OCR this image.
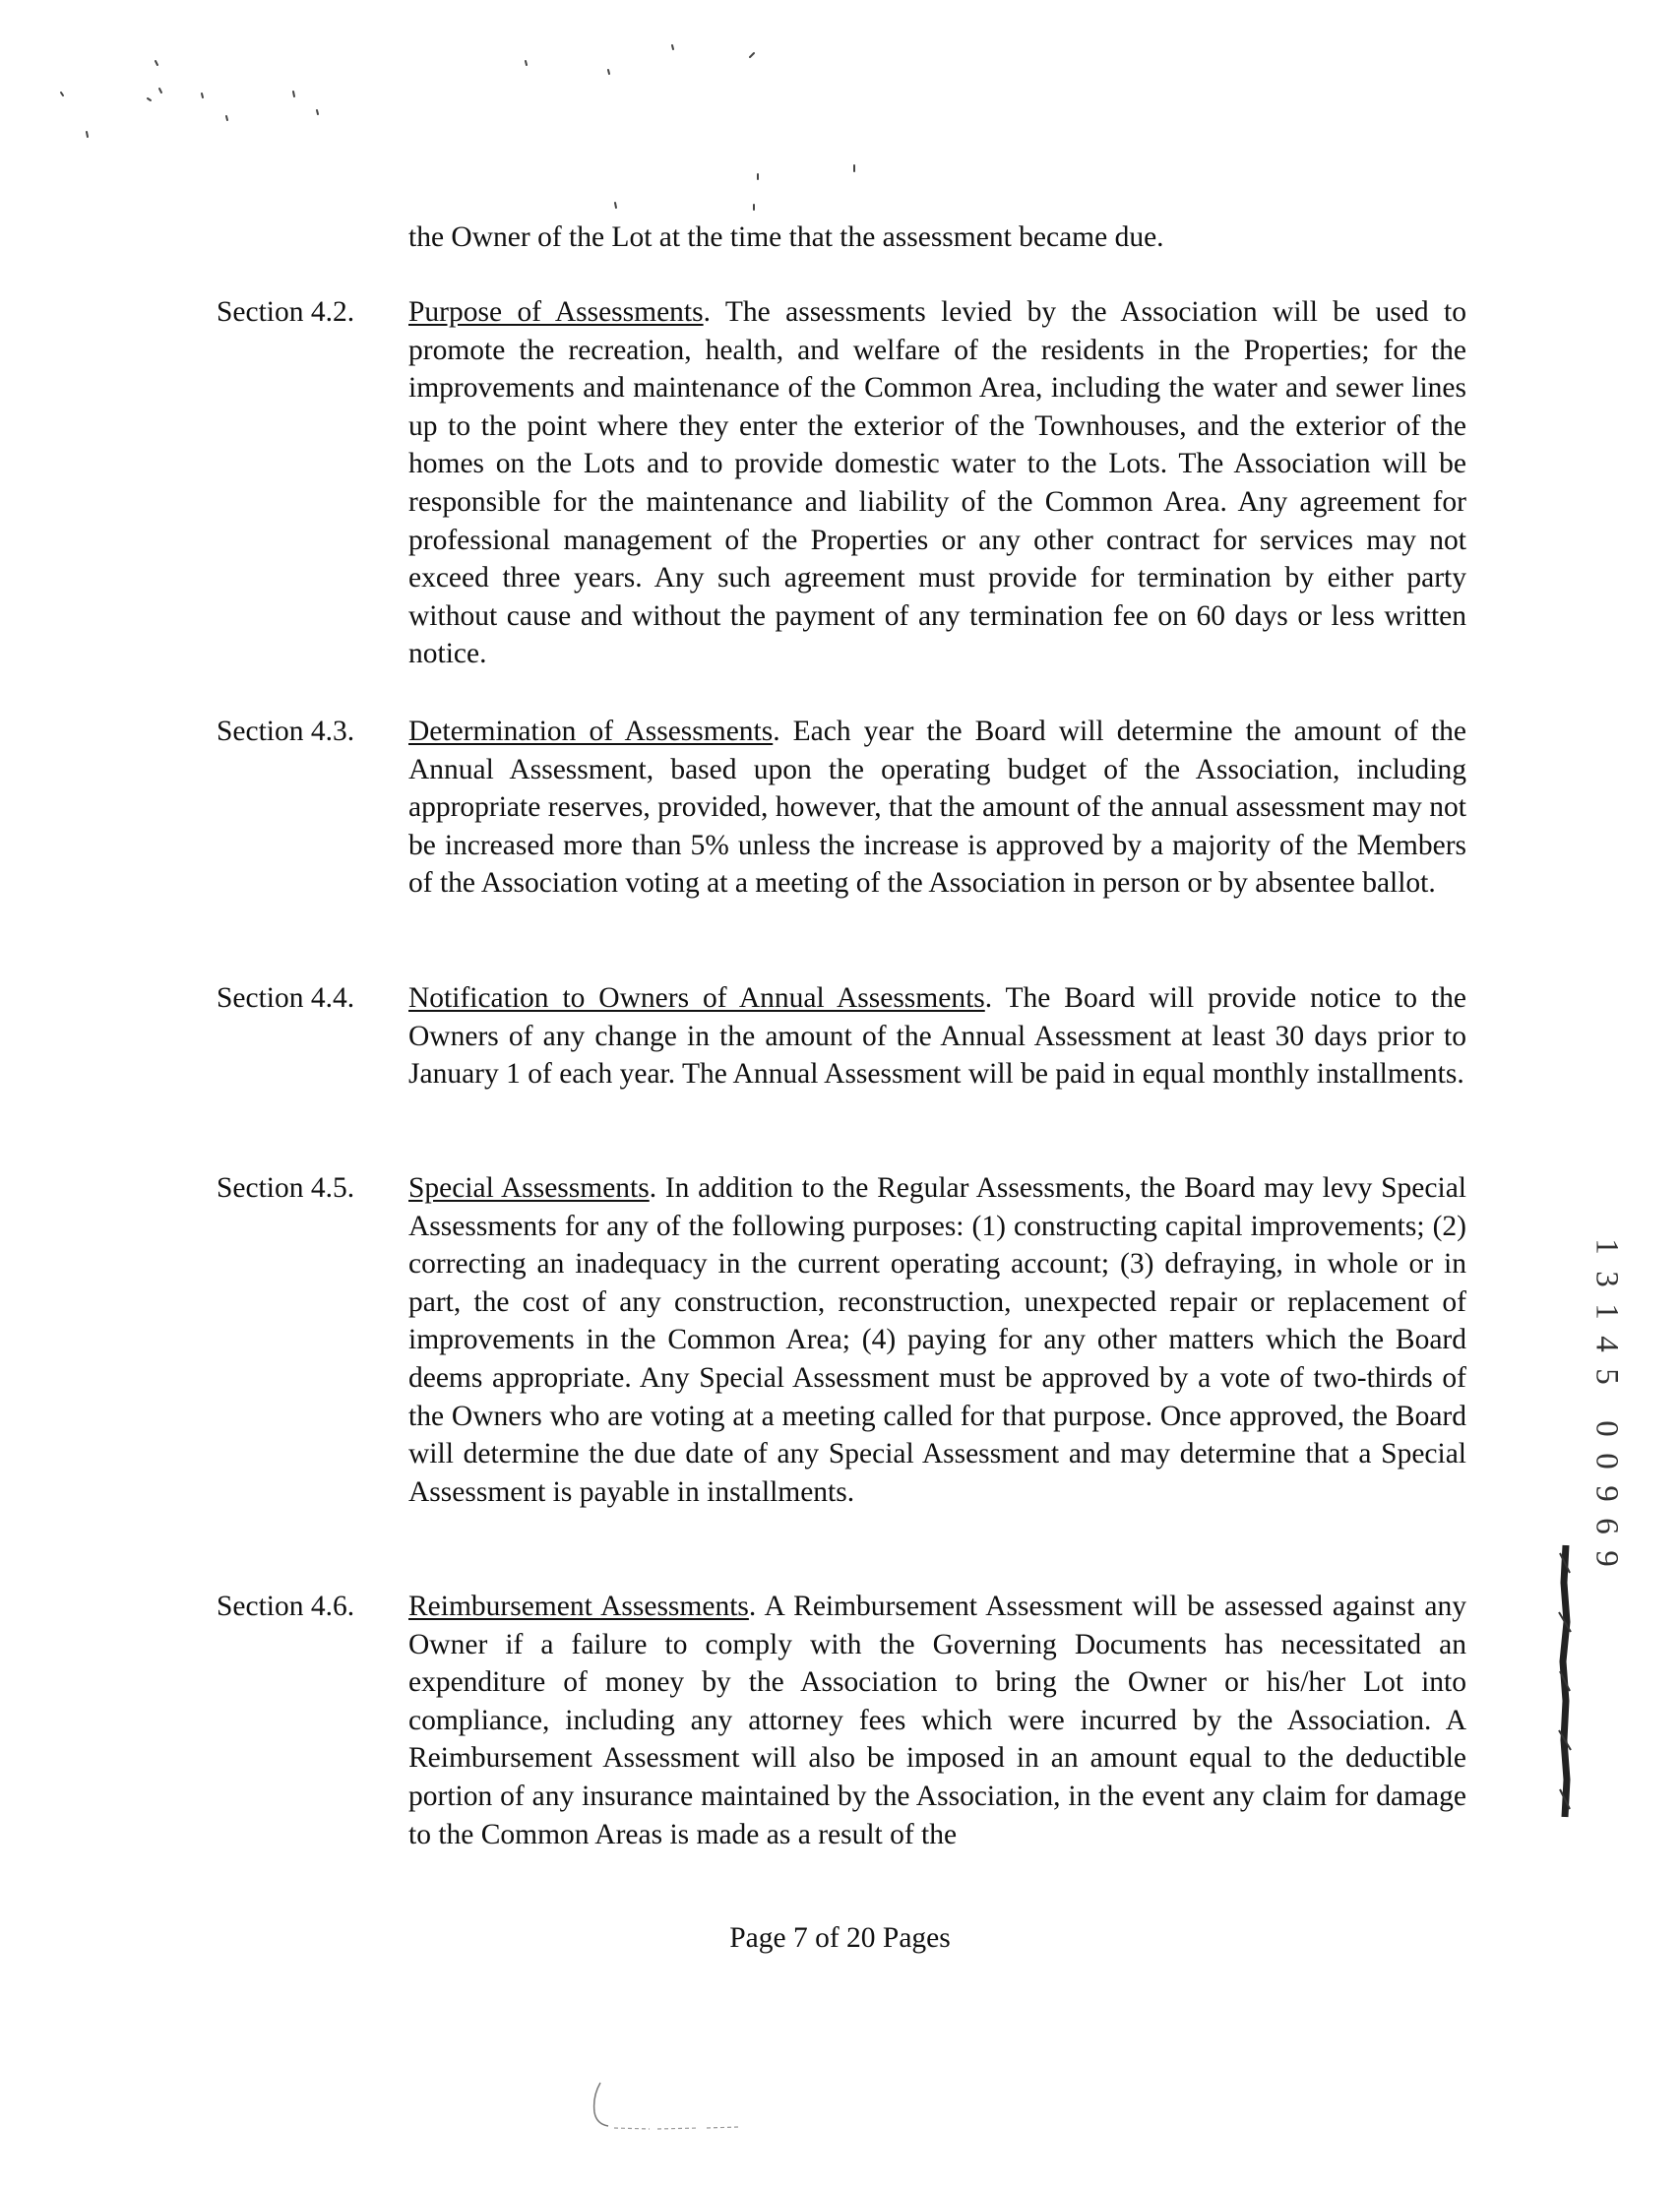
the Owner of the Lot at the time that the assessment became due.
Section 4.2.	Purpose of Assessments. The assessments levied by the Association will be used to promote the recreation, health, and welfare of the residents in the Properties; for the improvements and maintenance of the Common Area, including the water and sewer lines up to the point where they enter the exterior of the Townhouses, and the exterior of the homes on the Lots and to provide domestic water to the Lots. The Association will be responsible for the maintenance and liability of the Common Area. Any agreement for professional management of the Properties or any other contract for services may not exceed three years. Any such agreement must provide for termination by either party without cause and without the payment of any termination fee on 60 days or less written notice.
Section 4.3.	Determination of Assessments. Each year the Board will determine the amount of the Annual Assessment, based upon the operating budget of the Association, including appropriate reserves, provided, however, that the amount of the annual assessment may not be increased more than 5% unless the increase is approved by a majority of the Members of the Association voting at a meeting of the Association in person or by absentee ballot.
Section 4.4.	Notification to Owners of Annual Assessments. The Board will provide notice to the Owners of any change in the amount of the Annual Assessment at least 30 days prior to January 1 of each year. The Annual Assessment will be paid in equal monthly installments.
Section 4.5.	Special Assessments. In addition to the Regular Assessments, the Board may levy Special Assessments for any of the following purposes: (1) constructing capital improvements; (2) correcting an inadequacy in the current operating account; (3) defraying, in whole or in part, the cost of any construction, reconstruction, unexpected repair or replacement of improvements in the Common Area; (4) paying for any other matters which the Board deems appropriate. Any Special Assessment must be approved by a vote of two-thirds of the Owners who are voting at a meeting called for that purpose. Once approved, the Board will determine the due date of any Special Assessment and may determine that a Special Assessment is payable in installments.
Section 4.6.	Reimbursement Assessments. A Reimbursement Assessment will be assessed against any Owner if a failure to comply with the Governing Documents has necessitated an expenditure of money by the Association to bring the Owner or his/her Lot into compliance, including any attorney fees which were incurred by the Association. A Reimbursement Assessment will also be imposed in an amount equal to the deductible portion of any insurance maintained by the Association, in the event any claim for damage to the Common Areas is made as a result of the
Page 7 of 20 Pages
1
3
1
4
5

0
0
9
6
9
